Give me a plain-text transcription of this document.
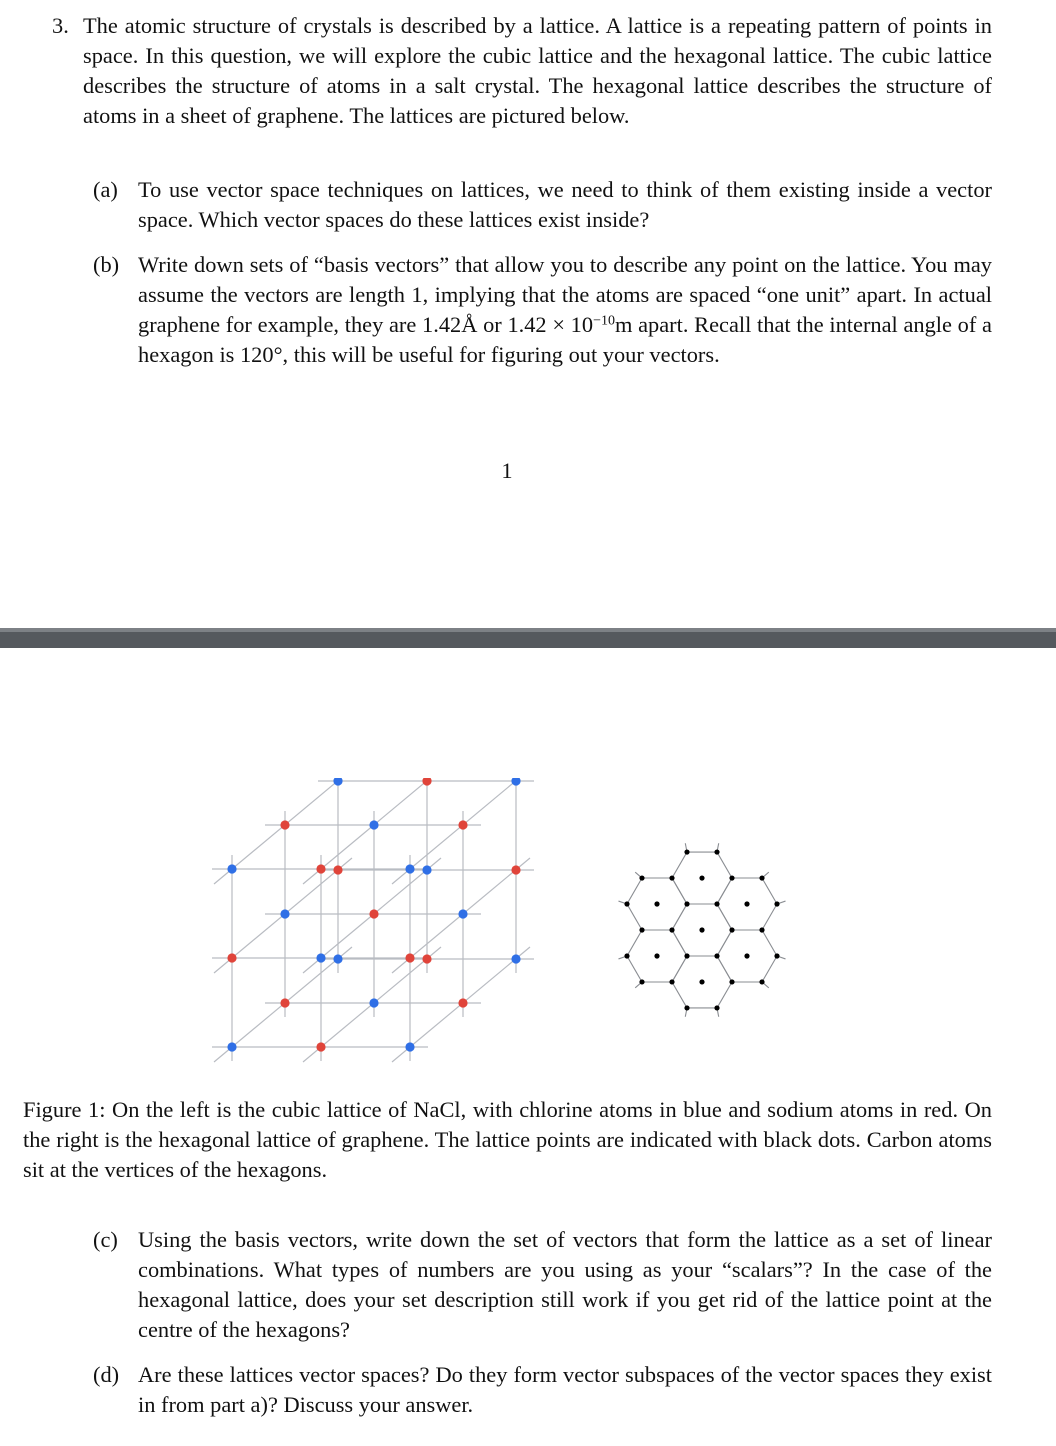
3. The atomic structure of crystals is described by a lattice. A lattice is a repeating pattern of points in space. In this question, we will explore the cubic lattice and the hexagonal lattice. The cubic lattice describes the structure of atoms in a salt crystal. The hexagonal lattice describes the structure of atoms in a sheet of graphene. The lattices are pictured below.

(a) To use vector space techniques on lattices, we need to think of them existing inside a vector space. Which vector spaces do these lattices exist inside?

(b) Write down sets of “basis vectors” that allow you to describe any point on the lattice. You may assume the vectors are length 1, implying that the atoms are spaced “one unit” apart. In actual graphene for example, they are 1.42Å or $1.42 \times 10^{-10}m$ apart. Recall that the internal angle of a hexagon is 120°, this will be useful for figuring out your vectors.

1

Figure 1: On the left is the cubic lattice of NaCl, with chlorine atoms in blue and sodium atoms in red. On the right is the hexagonal lattice of graphene. The lattice points are indicated with black dots. Carbon atoms sit at the vertices of the hexagons.

(c) Using the basis vectors, write down the set of vectors that form the lattice as a set of linear combinations. What types of numbers are you using as your “scalars”? In the case of the hexagonal lattice, does your set description still work if you get rid of the lattice point at the centre of the hexagons?

(d) Are these lattices vector spaces? Do they form vector subspaces of the vector spaces they exist in from part a)? Discuss your answer.
